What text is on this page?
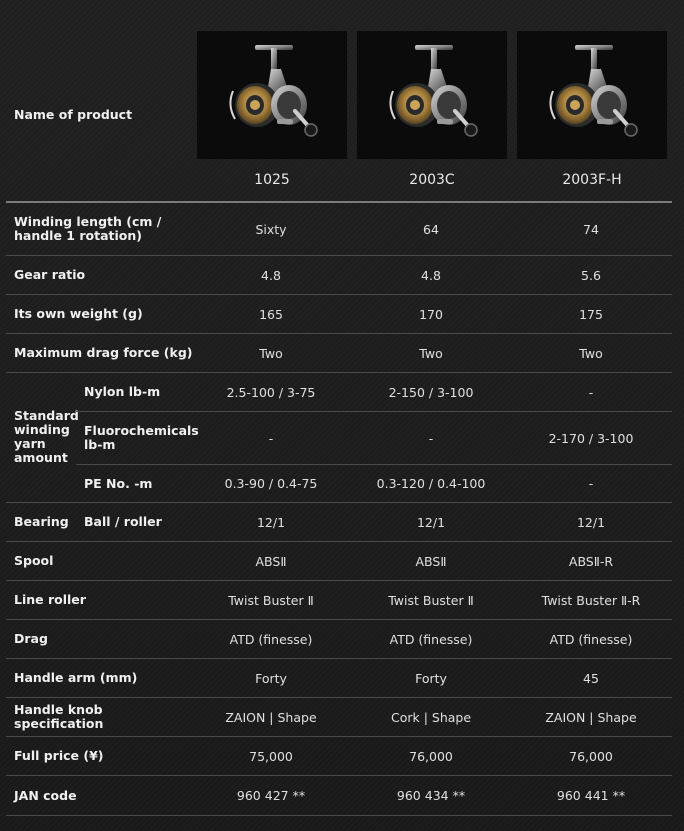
Name of product
1025	2003C	2003F-H
Winding length (cm / handle 1 rotation)	Sixty	64	74
Gear ratio	4.8	4.8	5.6
Its own weight (g)	165	170	175
Maximum drag force (kg)	Two	Two	Two
Standard winding yarn amount
Nylon lb-m	2.5-100 / 3-75	2-150 / 3-100	-
Fluorochemicals lb-m	-	-	2-170 / 3-100
PE No. -m	0.3-90 / 0.4-75	0.3-120 / 0.4-100	-
Bearing	Ball / roller	12/1	12/1	12/1
Spool	ABSⅡ	ABSⅡ	ABSⅡ-R
Line roller	Twist Buster Ⅱ	Twist Buster Ⅱ	Twist Buster Ⅱ-R
Drag	ATD (finesse)	ATD (finesse)	ATD (finesse)
Handle arm (mm)	Forty	Forty	45
Handle knob specification	ZAION | Shape	Cork | Shape	ZAION | Shape
Full price (¥)	75,000	76,000	76,000
JAN code	960 427 **	960 434 **	960 441 **
